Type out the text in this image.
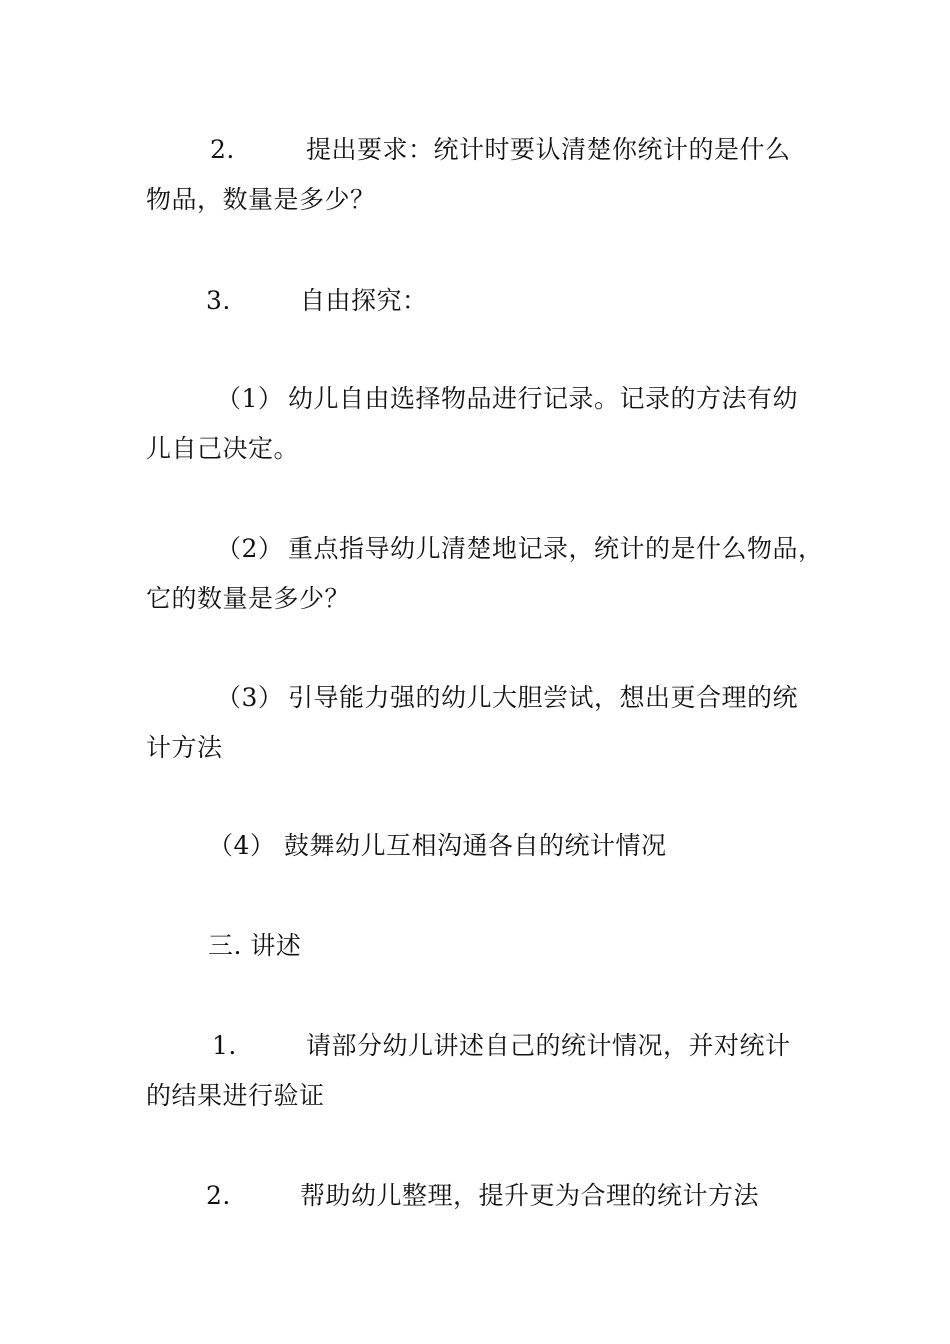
2.	提出要求：统计时要认清楚你统计的是什么
物品，数量是多少？
3.	自由探究：
（1） 幼儿自由选择物品进行记录。记录的方法有幼
儿自己决定。
（2） 重点指导幼儿清楚地记录，统计的是什么物品，
它的数量是多少？
（3） 引导能力强的幼儿大胆尝试，想出更合理的统
计方法
（4） 鼓舞幼儿互相沟通各自的统计情况
三. 讲述
1.	请部分幼儿讲述自己的统计情况，并对统计
的结果进行验证
2.	帮助幼儿整理，提升更为合理的统计方法
